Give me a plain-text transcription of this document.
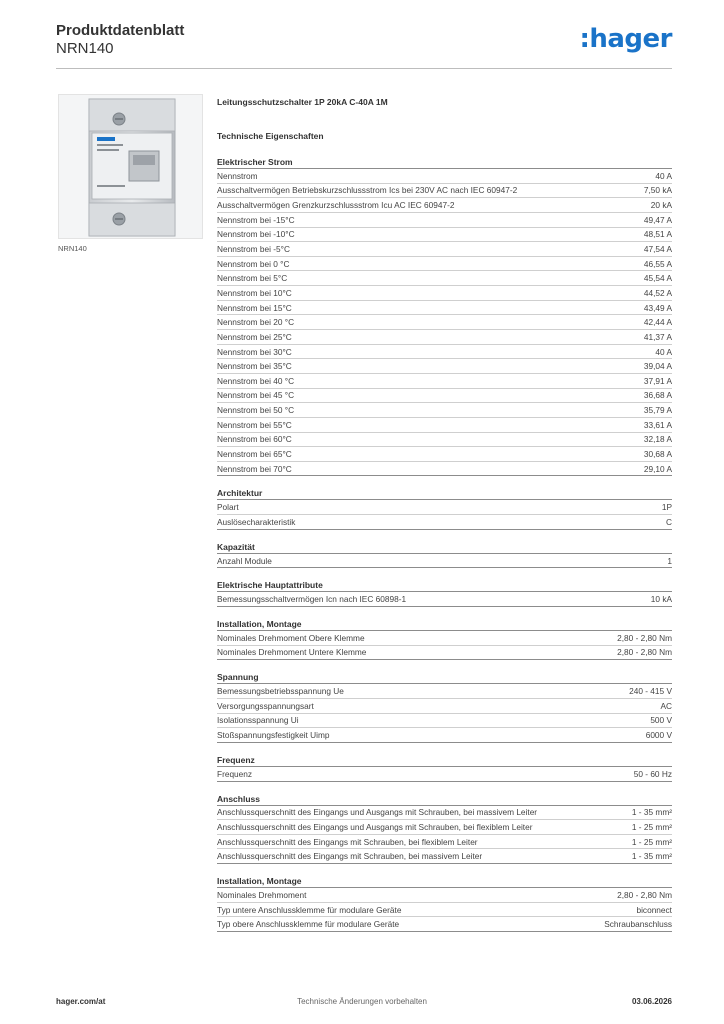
Produktdatenblatt
NRN140	:hager
NRN140
Leitungsschutzschalter 1P 20kA C-40A 1M
Technische Eigenschaften
Elektrischer Strom
Nennstrom	40 A
Ausschaltvermögen Betriebskurzschlussstrom Ics bei 230V AC nach IEC 60947-2	7,50 kA
Ausschaltvermögen Grenzkurzschlussstrom Icu AC IEC 60947-2	20 kA
Nennstrom bei -15°C	49,47 A
Nennstrom bei -10°C	48,51 A
Nennstrom bei -5°C	47,54 A
Nennstrom bei 0 °C	46,55 A
Nennstrom bei 5°C	45,54 A
Nennstrom bei 10°C	44,52 A
Nennstrom bei 15°C	43,49 A
Nennstrom bei 20 °C	42,44 A
Nennstrom bei 25°C	41,37 A
Nennstrom bei 30°C	40 A
Nennstrom bei 35°C	39,04 A
Nennstrom bei 40 °C	37,91 A
Nennstrom bei 45 °C	36,68 A
Nennstrom bei 50 °C	35,79 A
Nennstrom bei 55°C	33,61 A
Nennstrom bei 60°C	32,18 A
Nennstrom bei 65°C	30,68 A
Nennstrom bei 70°C	29,10 A
Architektur
Polart	1P
Auslösecharakteristik	C
Kapazität
Anzahl Module	1
Elektrische Hauptattribute
Bemessungsschaltvermögen Icn nach IEC 60898-1	10 kA
Installation, Montage
Nominales Drehmoment Obere Klemme	2,80 - 2,80 Nm
Nominales Drehmoment Untere Klemme	2,80 - 2,80 Nm
Spannung
Bemessungsbetriebsspannung Ue	240 - 415 V
Versorgungsspannungsart	AC
Isolationsspannung Ui	500 V
Stoßspannungsfestigkeit Uimp	6000 V
Frequenz
Frequenz	50 - 60 Hz
Anschluss
Anschlussquerschnitt des Eingangs und Ausgangs mit Schrauben, bei massivem Leiter	1 - 35 mm²
Anschlussquerschnitt des Eingangs und Ausgangs mit Schrauben, bei flexiblem Leiter	1 - 25 mm²
Anschlussquerschnitt des Eingangs mit Schrauben, bei flexiblem Leiter	1 - 25 mm²
Anschlussquerschnitt des Eingangs mit Schrauben, bei massivem Leiter	1 - 35 mm²
Installation, Montage
Nominales Drehmoment	2,80 - 2,80 Nm
Typ untere Anschlussklemme für modulare Geräte	biconnect
Typ obere Anschlussklemme für modulare Geräte	Schraubanschluss
Technische Änderungen vorbehalten
hager.com/at	03.06.2026
